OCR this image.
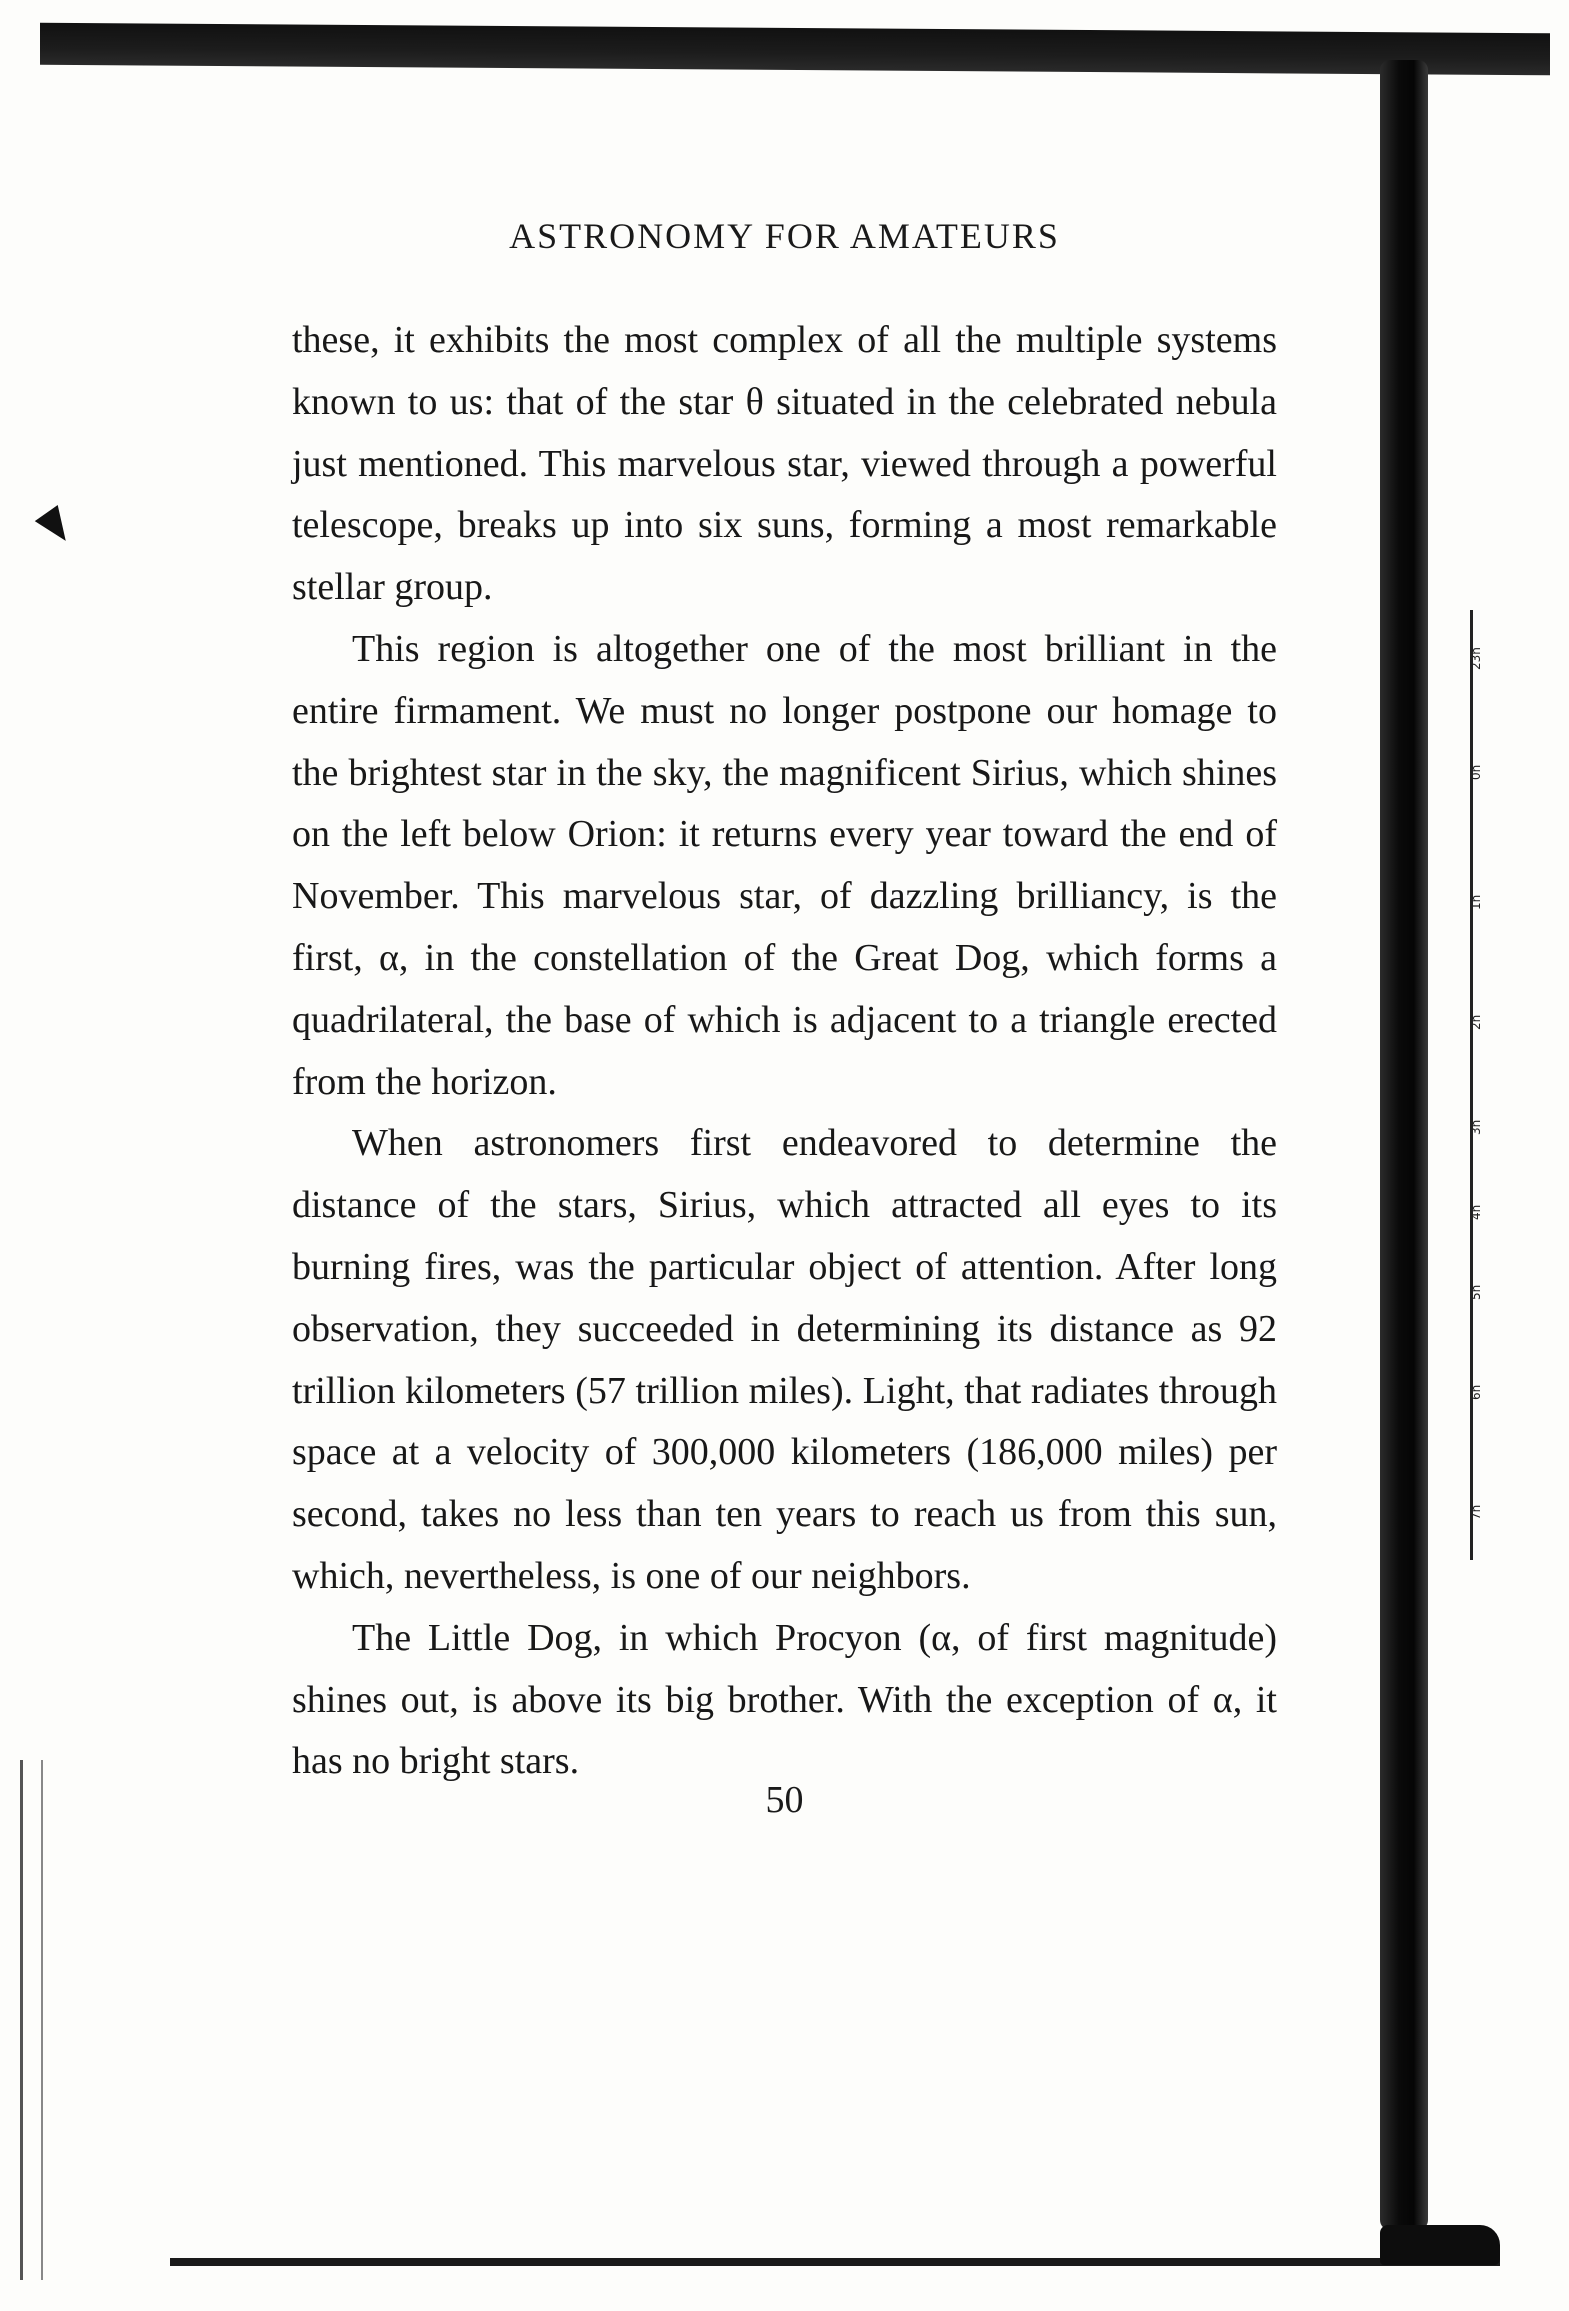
23h
0h
1h
2h
3h
4h
5h
6h
7h
ASTRONOMY FOR AMATEURS

these, it exhibits the most complex of all the multiple systems known to us: that of the star θ situated in the celebrated nebula just mentioned. This marvelous star, viewed through a powerful telescope, breaks up into six suns, forming a most remarkable stellar group.

This region is altogether one of the most brilliant in the entire firmament. We must no longer postpone our homage to the brightest star in the sky, the magnificent Sirius, which shines on the left below Orion: it returns every year toward the end of November. This marvelous star, of dazzling brilliancy, is the first, α, in the constellation of the Great Dog, which forms a quadrilateral, the base of which is adjacent to a triangle erected from the horizon.

When astronomers first endeavored to determine the distance of the stars, Sirius, which attracted all eyes to its burning fires, was the particular object of attention. After long observation, they succeeded in determining its distance as 92 trillion kilometers (57 trillion miles). Light, that radiates through space at a velocity of 300,000 kilometers (186,000 miles) per second, takes no less than ten years to reach us from this sun, which, nevertheless, is one of our neighbors.

The Little Dog, in which Procyon (α, of first magnitude) shines out, is above its big brother. With the exception of α, it has no bright stars.

50
